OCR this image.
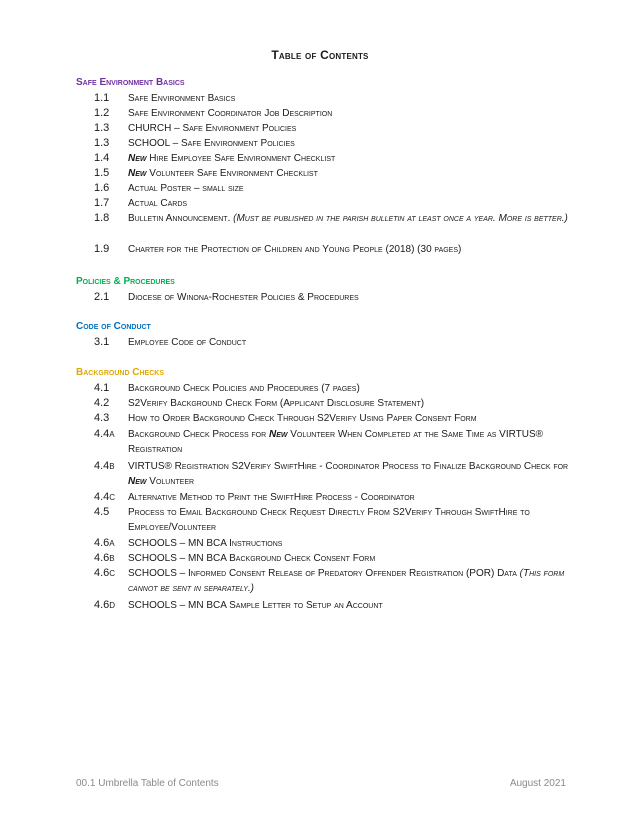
Table of Contents
Safe Environment Basics
1.1	Safe Environment Basics
1.2	Safe Environment Coordinator Job Description
1.3	CHURCH – Safe Environment Policies
1.3	SCHOOL – Safe Environment Policies
1.4	New Hire Employee Safe Environment Checklist
1.5	New Volunteer Safe Environment Checklist
1.6	Actual Poster – small size
1.7	Actual Cards
1.8	Bulletin Announcement. (Must be published in the parish bulletin at least once a year. More is better.)
1.9	Charter for the Protection of Children and Young People (2018) (30 pages)
Policies & Procedures
2.1	Diocese of Winona-Rochester Policies & Procedures
Code of Conduct
3.1	Employee Code of Conduct
Background Checks
4.1	Background Check Policies and Procedures (7 pages)
4.2	S2Verify Background Check Form (Applicant Disclosure Statement)
4.3	How to Order Background Check Through S2Verify Using Paper Consent Form
4.4a	Background Check Process for New Volunteer When Completed at the Same Time as VIRTUS® Registration
4.4b	VIRTUS® Registration S2Verify SwiftHire - Coordinator Process to Finalize Background Check for New Volunteer
4.4c	Alternative Method to Print the SwiftHire Process - Coordinator
4.5	Process to Email Background Check Request Directly From S2Verify Through SwiftHire to Employee/Volunteer
4.6a	SCHOOLS – MN BCA Instructions
4.6b	SCHOOLS – MN BCA Background Check Consent Form
4.6c	SCHOOLS – Informed Consent Release of Predatory Offender Registration (POR) Data (This form cannot be sent in separately.)
4.6d	SCHOOLS – MN BCA Sample Letter to Setup an Account
00.1 Umbrella Table of Contents	August 2021
